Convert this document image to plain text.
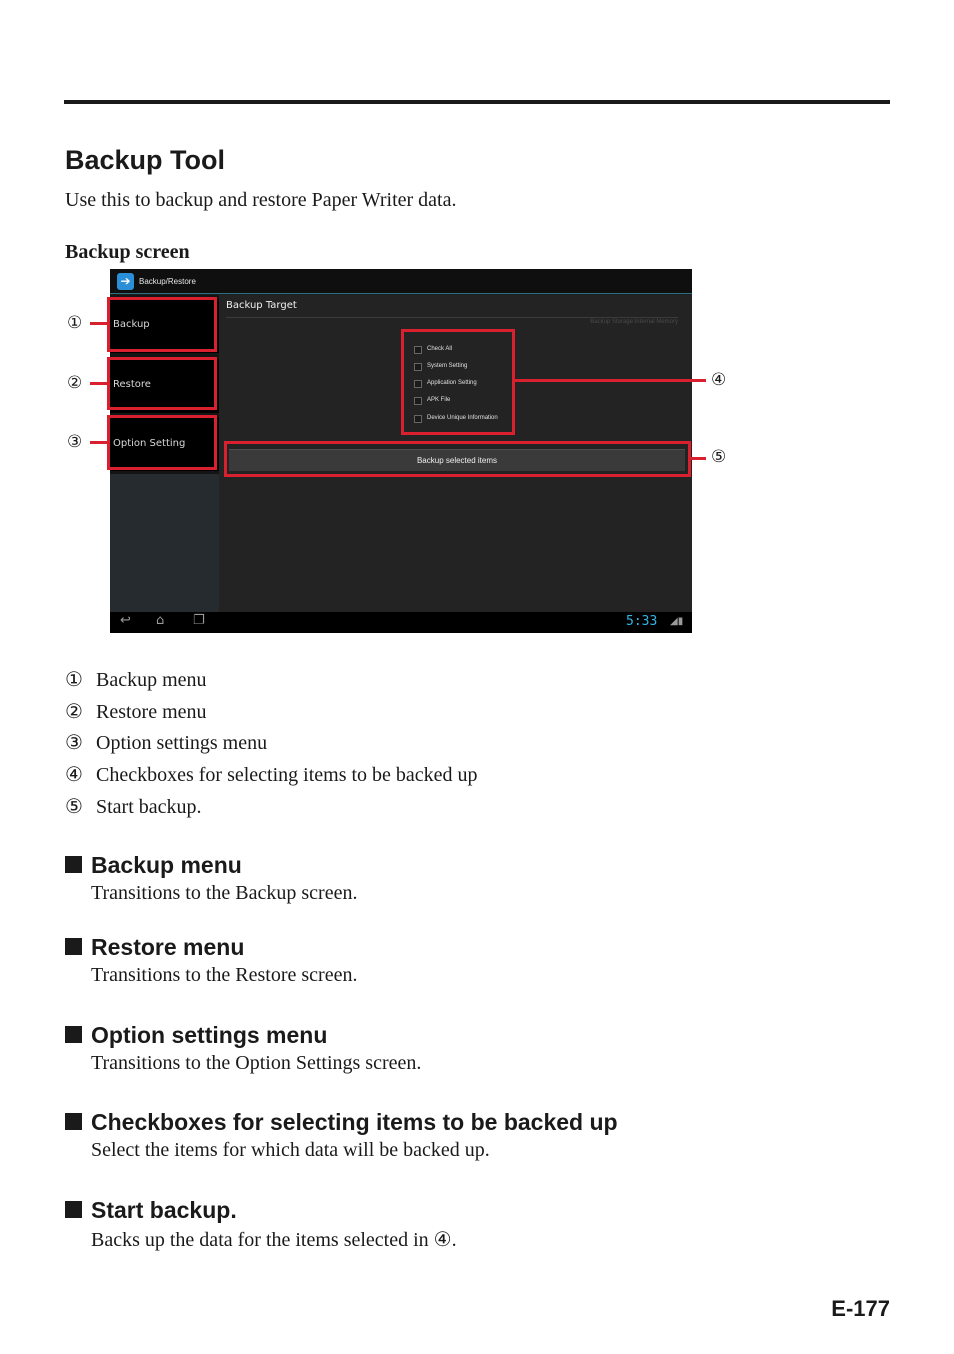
Backup Tool

Use this to backup and restore Paper Writer data.

Backup screen

➔	Backup/Restore
Backup
Restore
Option Setting
Backup Target
Backup Storage:Internal Memory
Check All
System Setting
Application Setting
APK File
Device Unique Information
Backup selected items
↩ ⌂ ❐	5:33 ◢▮
①
②
③
④
⑤
① Backup menu
② Restore menu
③ Option settings menu
④ Checkboxes for selecting items to be backed up
⑤ Start backup.
Backup menu

Transitions to the Backup screen.

Restore menu

Transitions to the Restore screen.

Option settings menu

Transitions to the Option Settings screen.

Checkboxes for selecting items to be backed up

Select the items for which data will be backed up.

Start backup.

Backs up the data for the items selected in ④.

E-177
